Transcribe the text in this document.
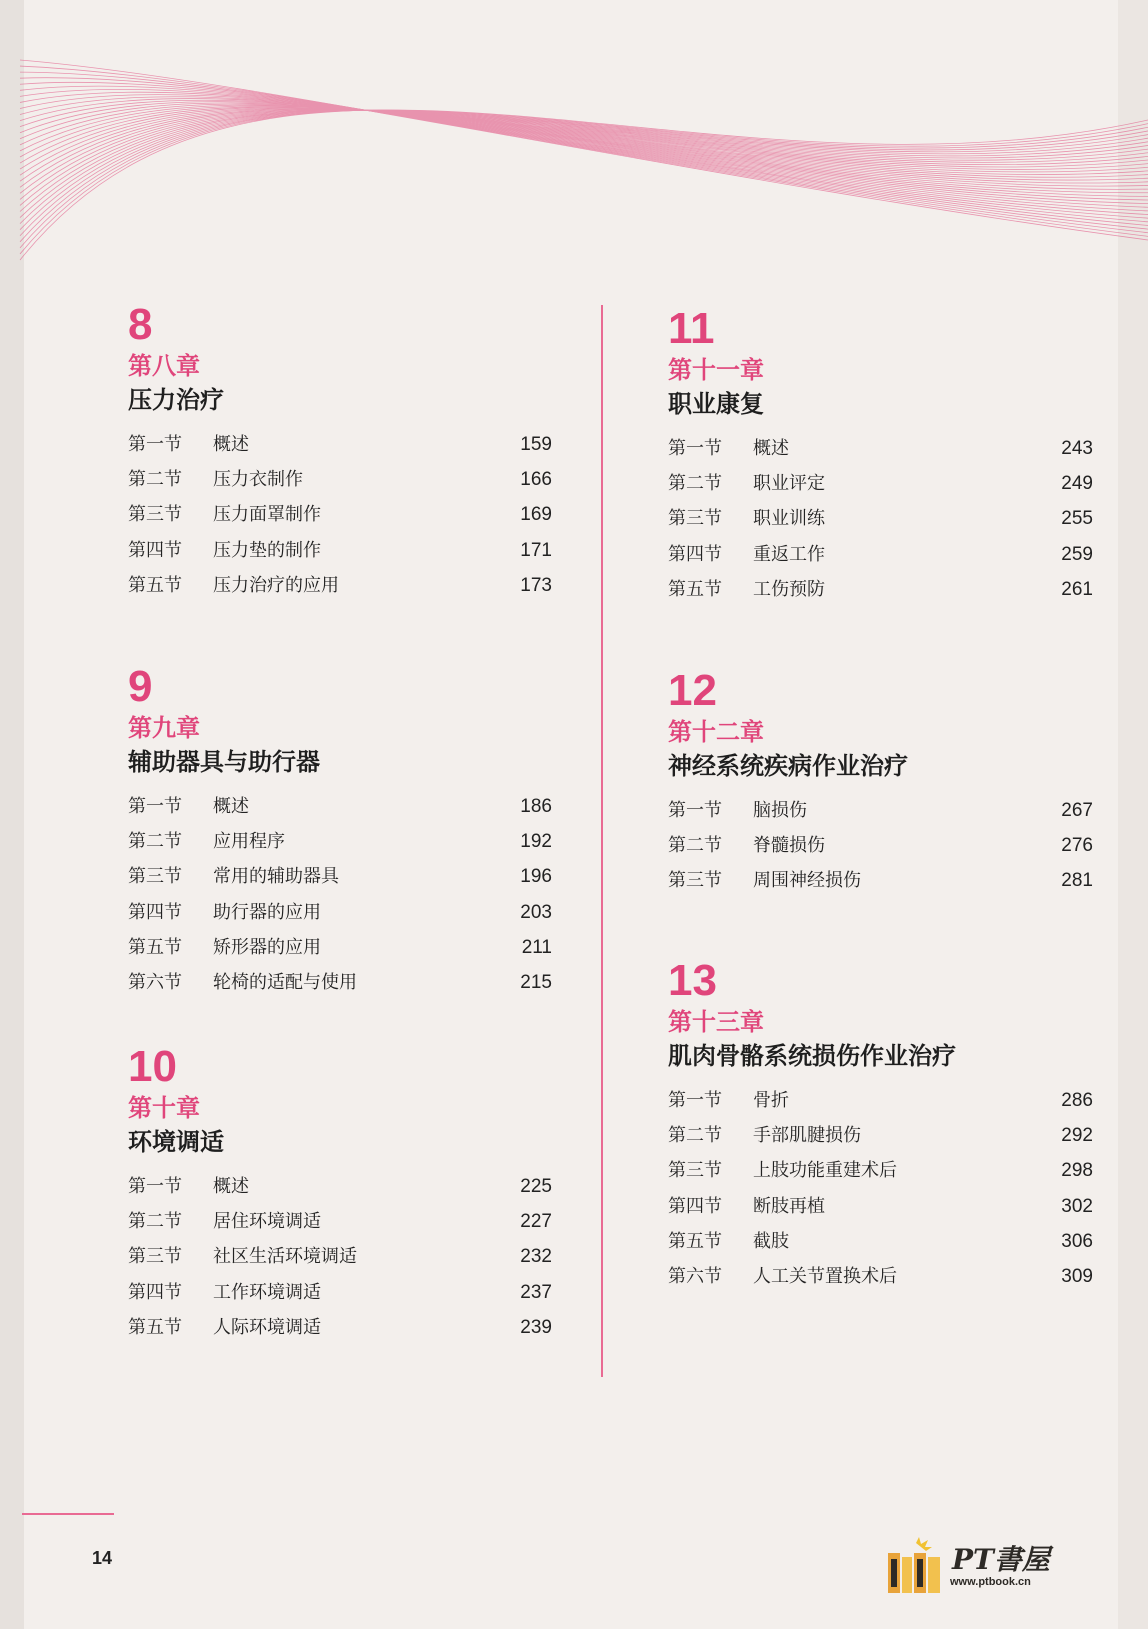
8
第八章
压力治疗
第一节 概述	159
第二节 压力衣制作	166
第三节 压力面罩制作	169
第四节 压力垫的制作	171
第五节 压力治疗的应用	173
9
第九章
辅助器具与助行器
第一节 概述	186
第二节 应用程序	192
第三节 常用的辅助器具	196
第四节 助行器的应用	203
第五节 矫形器的应用	211
第六节 轮椅的适配与使用	215
10
第十章
环境调适
第一节 概述	225
第二节 居住环境调适	227
第三节 社区生活环境调适	232
第四节 工作环境调适	237
第五节 人际环境调适	239
11
第十一章
职业康复
第一节 概述	243
第二节 职业评定	249
第三节 职业训练	255
第四节 重返工作	259
第五节 工伤预防	261
12
第十二章
神经系统疾病作业治疗
第一节 脑损伤	267
第二节 脊髓损伤	276
第三节 周围神经损伤	281
13
第十三章
肌肉骨骼系统损伤作业治疗
第一节 骨折	286
第二节 手部肌腱损伤	292
第三节 上肢功能重建术后	298
第四节 断肢再植	302
第五节 截肢	306
第六节 人工关节置换术后	309
14	PT書屋
www.ptbook.cn
